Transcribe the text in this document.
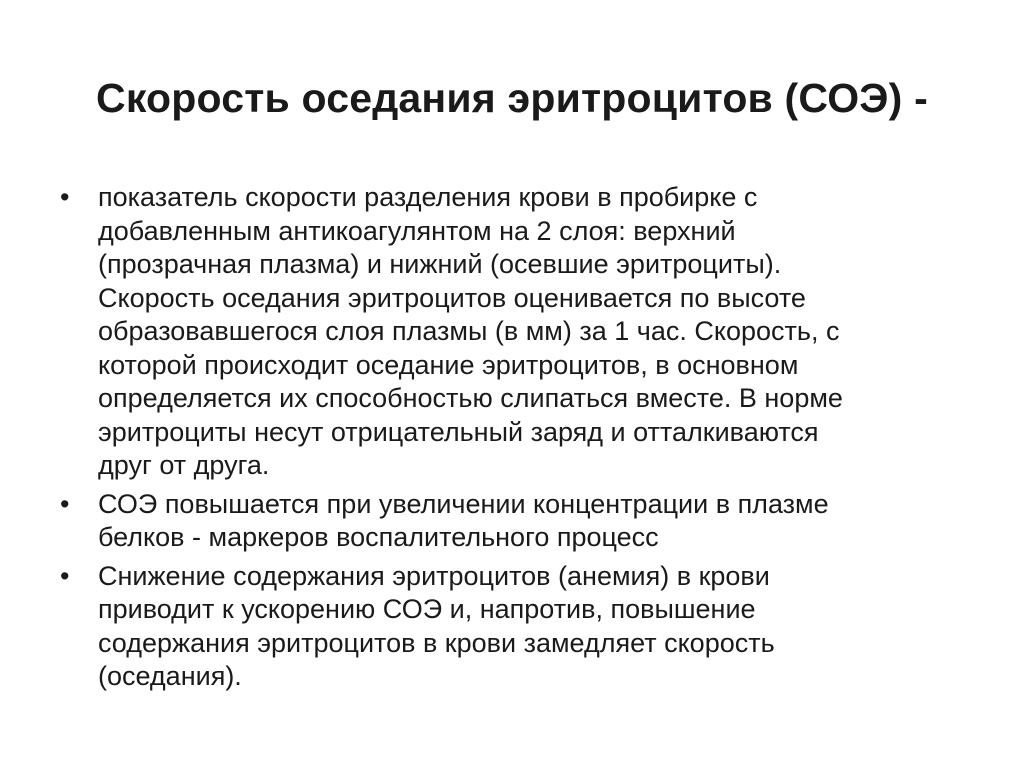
Скорость оседания эритроцитов (СОЭ) -
• показатель скорости разделения крови в пробирке с
добавленным антикоагулянтом на 2 слоя: верхний
(прозрачная плазма) и нижний (осевшие эритроциты).
Скорость оседания эритроцитов оценивается по высоте
образовавшегося слоя плазмы (в мм) за 1 час. Скорость, с
которой происходит оседание эритроцитов, в основном
определяется их способностью слипаться вместе. В норме
эритроциты несут отрицательный заряд и отталкиваются
друг от друга.
• СОЭ повышается при увеличении концентрации в плазме
белков - маркеров воспалительного процесс
• Снижение содержания эритроцитов (анемия) в крови
приводит к ускорению СОЭ и, напротив, повышение
содержания эритроцитов в крови замедляет скорость
(оседания).
